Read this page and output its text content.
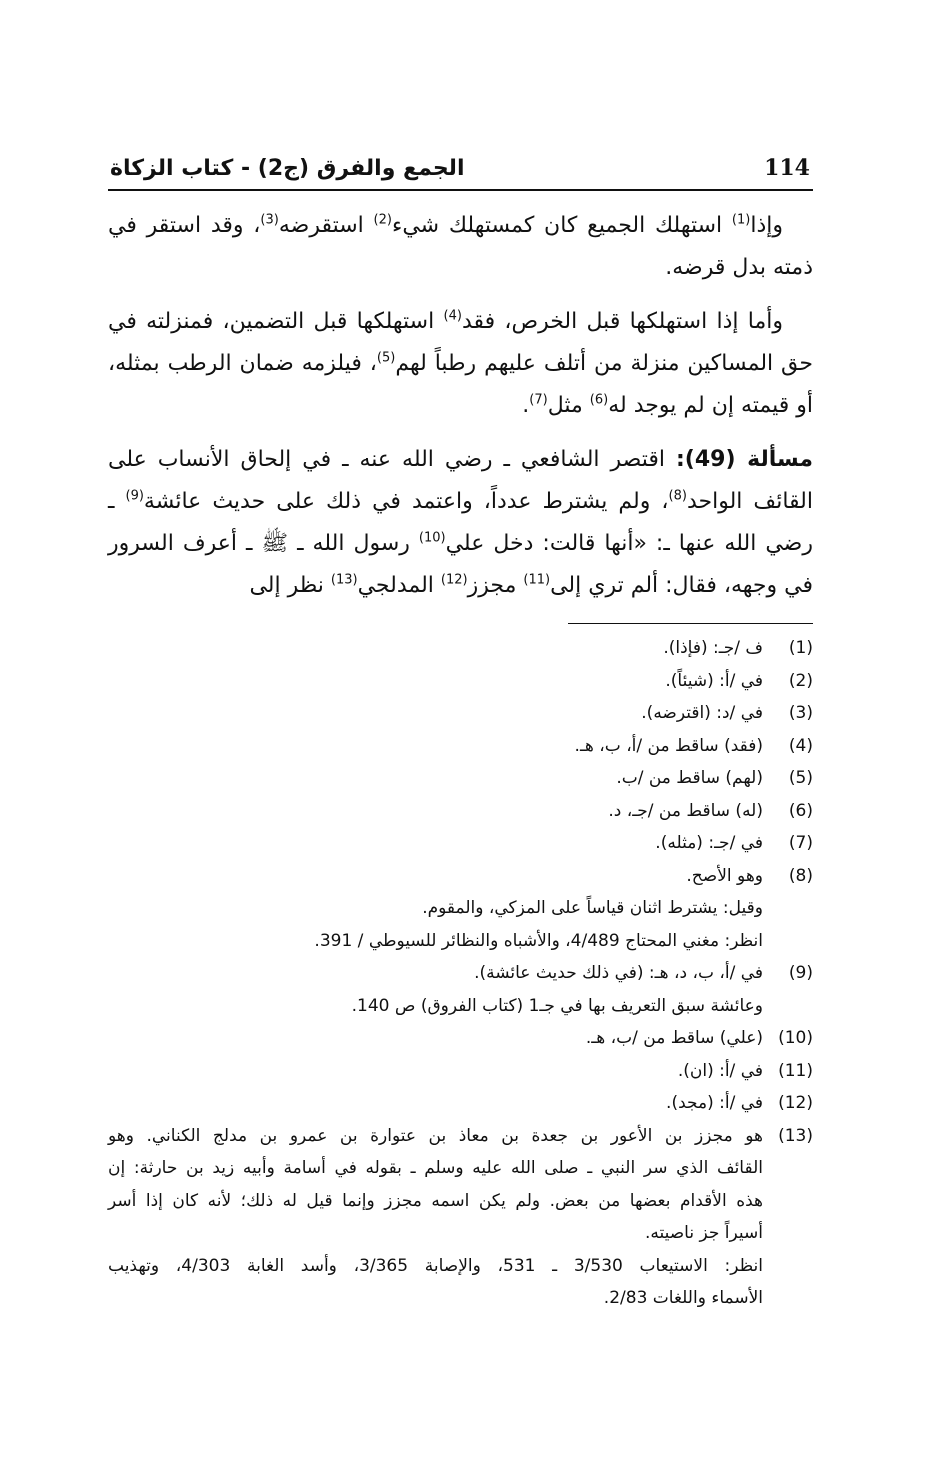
114
الجمع والفرق (ج2) - كتاب الزكاة

وإذا$^{(1)}$ استهلك الجميع كان كمستهلك شيء$^{(2)}$ استقرضه$^{(3)}$، وقد استقر في ذمته بدل قرضه.

وأما إذا استهلكها قبل الخرص، فقد$^{(4)}$ استهلكها قبل التضمين، فمنزلته في حق المساكين منزلة من أتلف عليهم رطباً لهم$^{(5)}$، فيلزمه ضمان الرطب بمثله، أو قيمته إن لم يوجد له$^{(6)}$ مثل$^{(7)}$.

مسألة (49): اقتصر الشافعي ـ رضي الله عنه ـ في إلحاق الأنساب على القائف الواحد$^{(8)}$، ولم يشترط عدداً، واعتمد في ذلك على حديث عائشة$^{(9)}$ ـ رضي الله عنها ـ: «أنها قالت: دخل علي$^{(10)}$ رسول الله ـ ﷺ ـ أعرف السرور في وجهه، فقال: ألم تري إلى$^{(11)}$ مجزز$^{(12)}$ المدلجي$^{(13)}$ نظر إلى

(1)
ف /جـ: (فإذا).
(2)
في /أ: (شيئاً).
(3)
في /د: (اقترضه).
(4)
(فقد) ساقط من /أ، ب، هـ.
(5)
(لهم) ساقط من /ب.
(6)
(له) ساقط من /جـ، د.
(7)
في /جـ: (مثله).
(8)
وهو الأصح.
وقيل: يشترط اثنان قياساً على المزكي، والمقوم.
انظر: مغني المحتاج 4/489، والأشباه والنظائر للسيوطي / 391.
(9)
في /أ، ب، د، هـ: (في ذلك حديث عائشة).
وعائشة سبق التعريف بها في جـ1 (كتاب الفروق) ص 140.
(10)
(علي) ساقط من /ب، هـ.
(11)
في /أ: (ان).
(12)
في /أ: (مجد).
(13)
هو مجزز بن الأعور بن جعدة بن معاذ بن عتوارة بن عمرو بن مدلج الكناني. وهو
القائف الذي سر النبي ـ صلى الله عليه وسلم ـ بقوله في أسامة وأبيه زيد بن حارثة: إن
هذه الأقدام بعضها من بعض. ولم يكن اسمه مجزز وإنما قيل له ذلك؛ لأنه كان إذا أسر
أسيراً جز ناصيته.
انظر: الاستيعاب 3/530 ـ 531، والإصابة 3/365، وأسد الغابة 4/303، وتهذيب
الأسماء واللغات 2/83.
